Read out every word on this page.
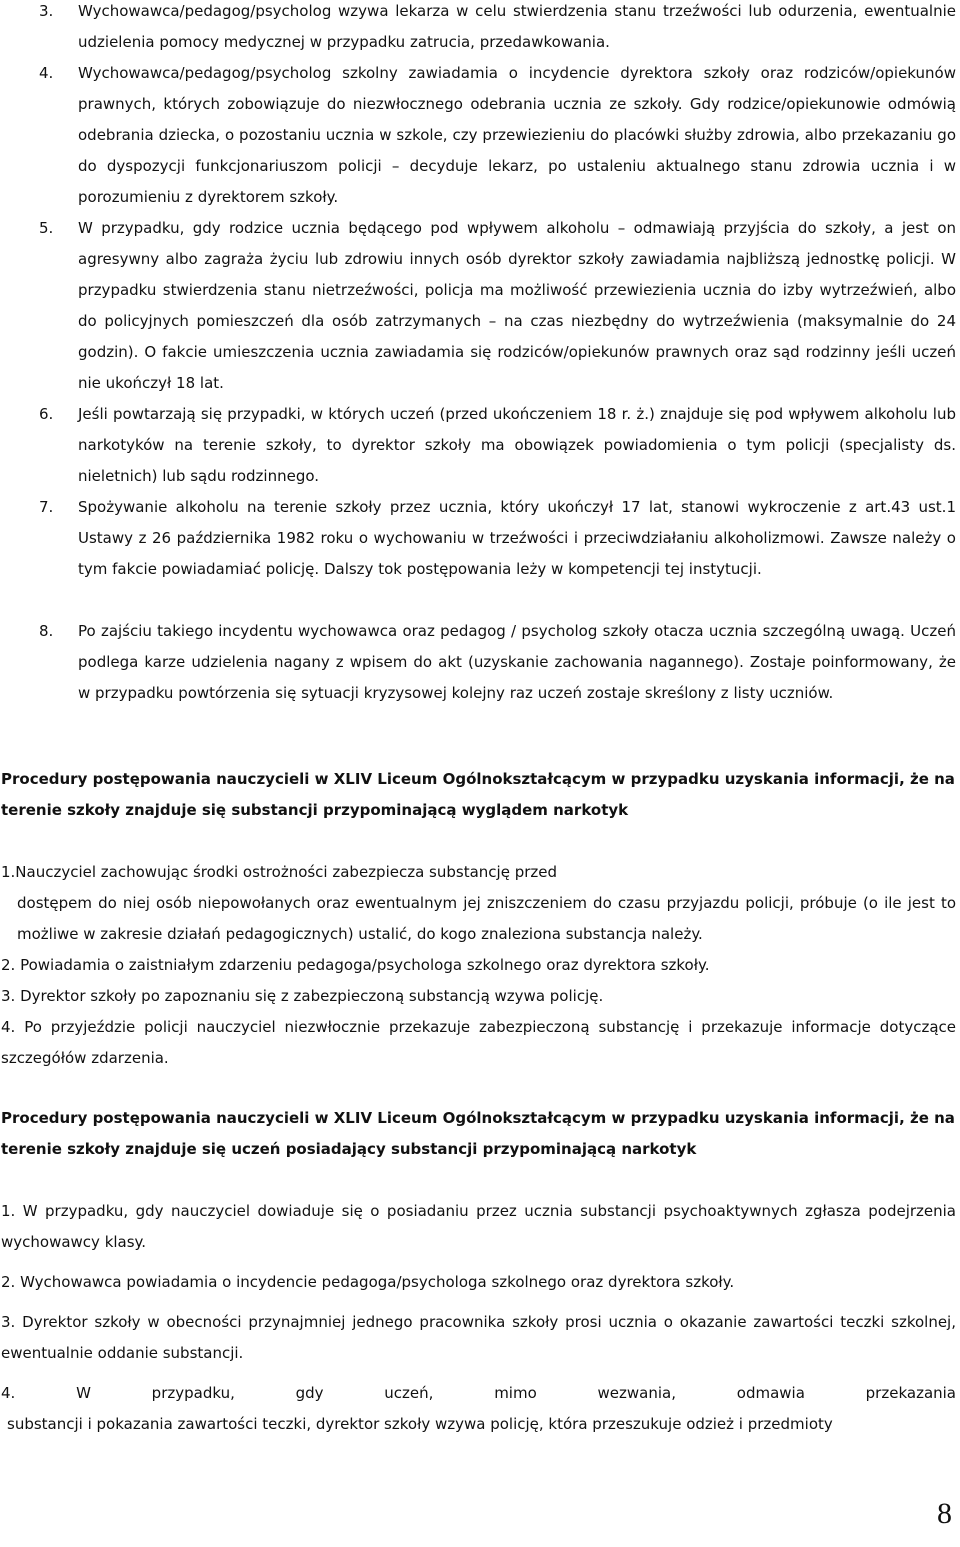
3. Wychowawca/pedagog/psycholog wzywa lekarza w celu stwierdzenia stanu trzeźwości lub odurzenia, ewentualnie udzielenia pomocy medycznej w przypadku zatrucia, przedawkowania.
4. Wychowawca/pedagog/psycholog szkolny zawiadamia o incydencie dyrektora szkoły oraz rodziców/opiekunów prawnych, których zobowiązuje do niezwłocznego odebrania ucznia ze szkoły. Gdy rodzice/opiekunowie odmówią odebrania dziecka, o pozostaniu ucznia w szkole, czy przewiezieniu do placówki służby zdrowia, albo przekazaniu go do dyspozycji funkcjonariuszom policji – decyduje lekarz, po ustaleniu aktualnego stanu zdrowia ucznia i w porozumieniu z dyrektorem szkoły.
5. W przypadku, gdy rodzice ucznia będącego pod wpływem alkoholu – odmawiają przyjścia do szkoły, a jest on agresywny albo zagraża życiu lub zdrowiu innych osób dyrektor szkoły zawiadamia najbliższą jednostkę policji. W przypadku stwierdzenia stanu nietrzeźwości, policja ma możliwość przewiezienia ucznia do izby wytrzeźwień, albo do policyjnych pomieszczeń dla osób zatrzymanych – na czas niezbędny do wytrzeźwienia (maksymalnie do 24 godzin). O fakcie umieszczenia ucznia zawiadamia się rodziców/opiekunów prawnych oraz sąd rodzinny jeśli uczeń nie ukończył 18 lat.
6. Jeśli powtarzają się przypadki, w których uczeń (przed ukończeniem 18 r. ż.) znajduje się pod wpływem alkoholu lub narkotyków na terenie szkoły, to dyrektor szkoły ma obowiązek powiadomienia o tym policji (specjalisty ds. nieletnich) lub sądu rodzinnego.
7. Spożywanie alkoholu na terenie szkoły przez ucznia, który ukończył 17 lat, stanowi wykroczenie z art.43 ust.1 Ustawy z 26 października 1982 roku o wychowaniu w trzeźwości i przeciwdziałaniu alkoholizmowi. Zawsze należy o tym fakcie powiadamiać policję. Dalszy tok postępowania leży w kompetencji tej instytucji.
8. Po zajściu takiego incydentu wychowawca oraz pedagog / psycholog szkoły otacza ucznia szczególną uwagą. Uczeń podlega karze udzielenia nagany z wpisem do akt (uzyskanie zachowania nagannego). Zostaje poinformowany, że w przypadku powtórzenia się sytuacji kryzysowej kolejny raz uczeń zostaje skreślony z listy uczniów.

Procedury postępowania nauczycieli w XLIV Liceum Ogólnokształcącym w przypadku uzyskania informacji, że na terenie szkoły znajduje się substancji przypominającą wyglądem narkotyk

1.Nauczyciel zachowując środki ostrożności zabezpiecza substancję przed

dostępem do niej osób niepowołanych oraz ewentualnym jej zniszczeniem do czasu przyjazdu policji, próbuje (o ile jest to możliwe w zakresie działań pedagogicznych) ustalić, do kogo znaleziona substancja należy.

2. Powiadamia o zaistniałym zdarzeniu pedagoga/psychologa szkolnego oraz dyrektora szkoły.

3. Dyrektor szkoły po zapoznaniu się z zabezpieczoną substancją wzywa policję.

4. Po przyjeździe policji nauczyciel niezwłocznie przekazuje zabezpieczoną substancję i przekazuje informacje dotyczące szczegółów zdarzenia.

Procedury postępowania nauczycieli w XLIV Liceum Ogólnokształcącym w przypadku uzyskania informacji, że na terenie szkoły znajduje się uczeń posiadający substancji przypominającą narkotyk

1. W przypadku, gdy nauczyciel dowiaduje się o posiadaniu przez ucznia substancji psychoaktywnych zgłasza podejrzenia wychowawcy klasy.

2. Wychowawca powiadamia o incydencie pedagoga/psychologa szkolnego oraz dyrektora szkoły.

3. Dyrektor szkoły w obecności przynajmniej jednego pracownika szkoły prosi ucznia o okazanie zawartości teczki szkolnej, ewentualnie oddanie substancji.

4. W przypadku, gdy uczeń, mimo wezwania, odmawia przekazania

substancji i pokazania zawartości teczki, dyrektor szkoły wzywa policję, która przeszukuje odzież i przedmioty

8
